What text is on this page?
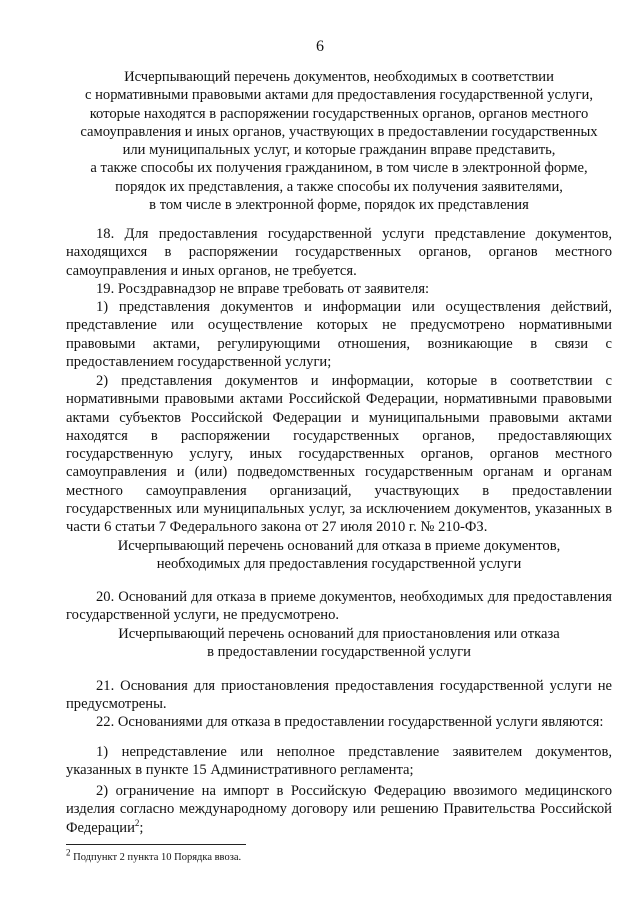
6
Исчерпывающий перечень документов, необходимых в соответствии
с нормативными правовыми актами для предоставления государственной услуги,
которые находятся в распоряжении государственных органов, органов местного
самоуправления и иных органов, участвующих в предоставлении государственных
или муниципальных услуг, и которые гражданин вправе представить,
а также способы их получения гражданином, в том числе в электронной форме,
порядок их представления, а также способы их получения заявителями,
в том числе в электронной форме, порядок их представления
18. Для предоставления государственной услуги представление документов, находящихся в распоряжении государственных органов, органов местного самоуправления и иных органов, не требуется.
19. Росздравнадзор не вправе требовать от заявителя:
1) представления документов и информации или осуществления действий, представление или осуществление которых не предусмотрено нормативными правовыми актами, регулирующими отношения, возникающие в связи с предоставлением государственной услуги;
2) представления документов и информации, которые в соответствии с нормативными правовыми актами Российской Федерации, нормативными правовыми актами субъектов Российской Федерации и муниципальными правовыми актами находятся в распоряжении государственных органов, предоставляющих государственную услугу, иных государственных органов, органов местного самоуправления и (или) подведомственных государственным органам и органам местного самоуправления организаций, участвующих в предоставлении государственных или муниципальных услуг, за исключением документов, указанных в части 6 статьи 7 Федерального закона от 27 июля 2010 г. № 210-ФЗ.
Исчерпывающий перечень оснований для отказа в приеме документов,
необходимых для предоставления государственной услуги
20. Оснований для отказа в приеме документов, необходимых для предоставления государственной услуги, не предусмотрено.
Исчерпывающий перечень оснований для приостановления или отказа
в предоставлении государственной услуги
21. Основания для приостановления предоставления государственной услуги не предусмотрены.
22. Основаниями для отказа в предоставлении государственной услуги являются:
1) непредставление или неполное представление заявителем документов, указанных в пункте 15 Административного регламента;
2) ограничение на импорт в Российскую Федерацию ввозимого медицинского изделия согласно международному договору или решению Правительства Российской Федерации$^2$;
$^2$ Подпункт 2 пункта 10 Порядка ввоза.
